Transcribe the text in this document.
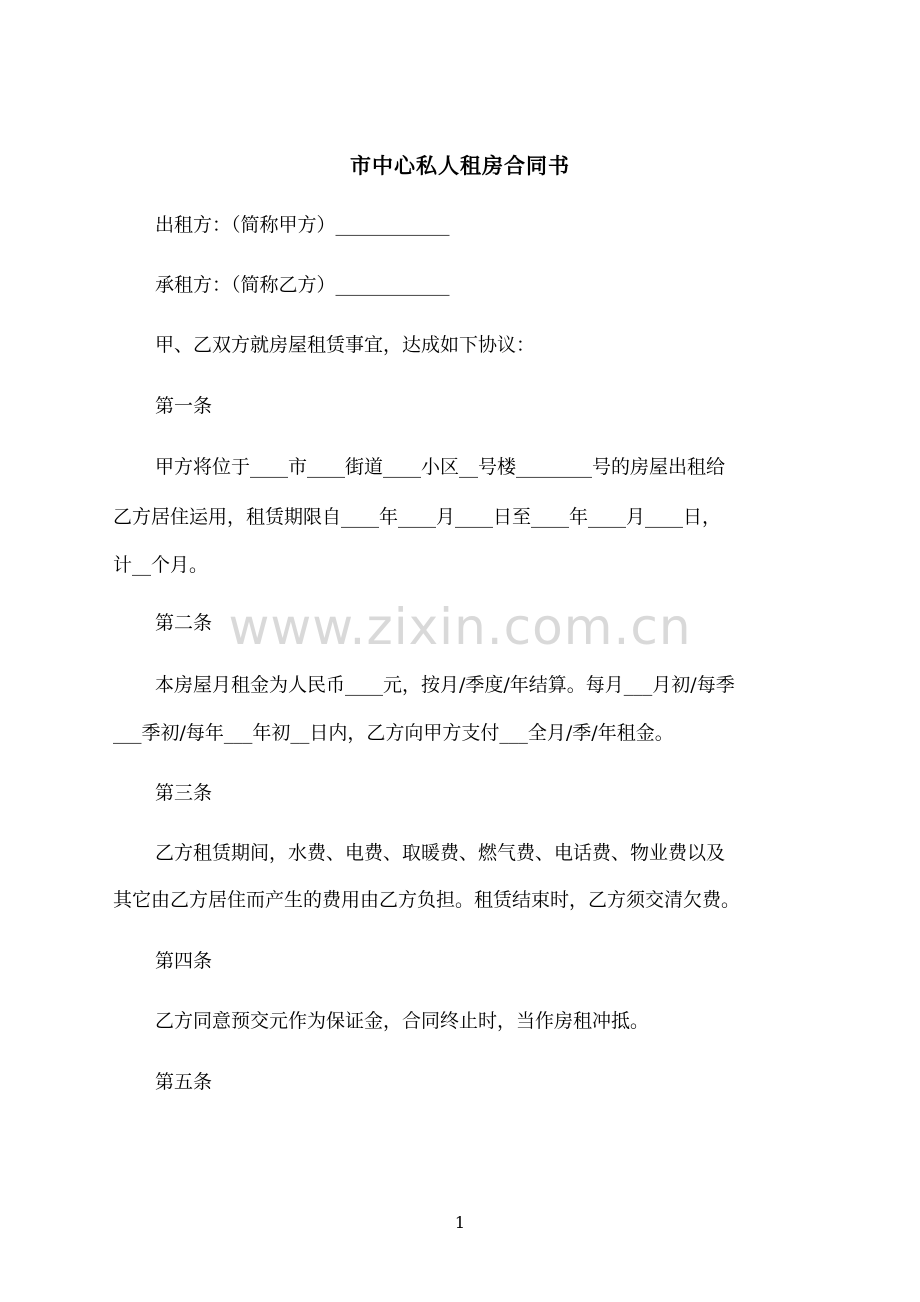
www.zixin.com.cn
市中心私人租房合同书
出租方：（简称甲方）____________
承租方：（简称乙方）____________
甲、乙双方就房屋租赁事宜，达成如下协议：
第一条
甲方将位于____市____街道____小区__号楼________号的房屋出租给
乙方居住运用，租赁期限自____年____月____日至____年____月____日，
计__个月。
第二条
本房屋月租金为人民币____元，按月/季度/年结算。每月___月初/每季
___季初/每年___年初__日内，乙方向甲方支付___全月/季/年租金。
第三条
乙方租赁期间，水费、电费、取暖费、燃气费、电话费、物业费以及
其它由乙方居住而产生的费用由乙方负担。租赁结束时，乙方须交清欠费。
第四条
乙方同意预交元作为保证金，合同终止时，当作房租冲抵。
第五条
1
